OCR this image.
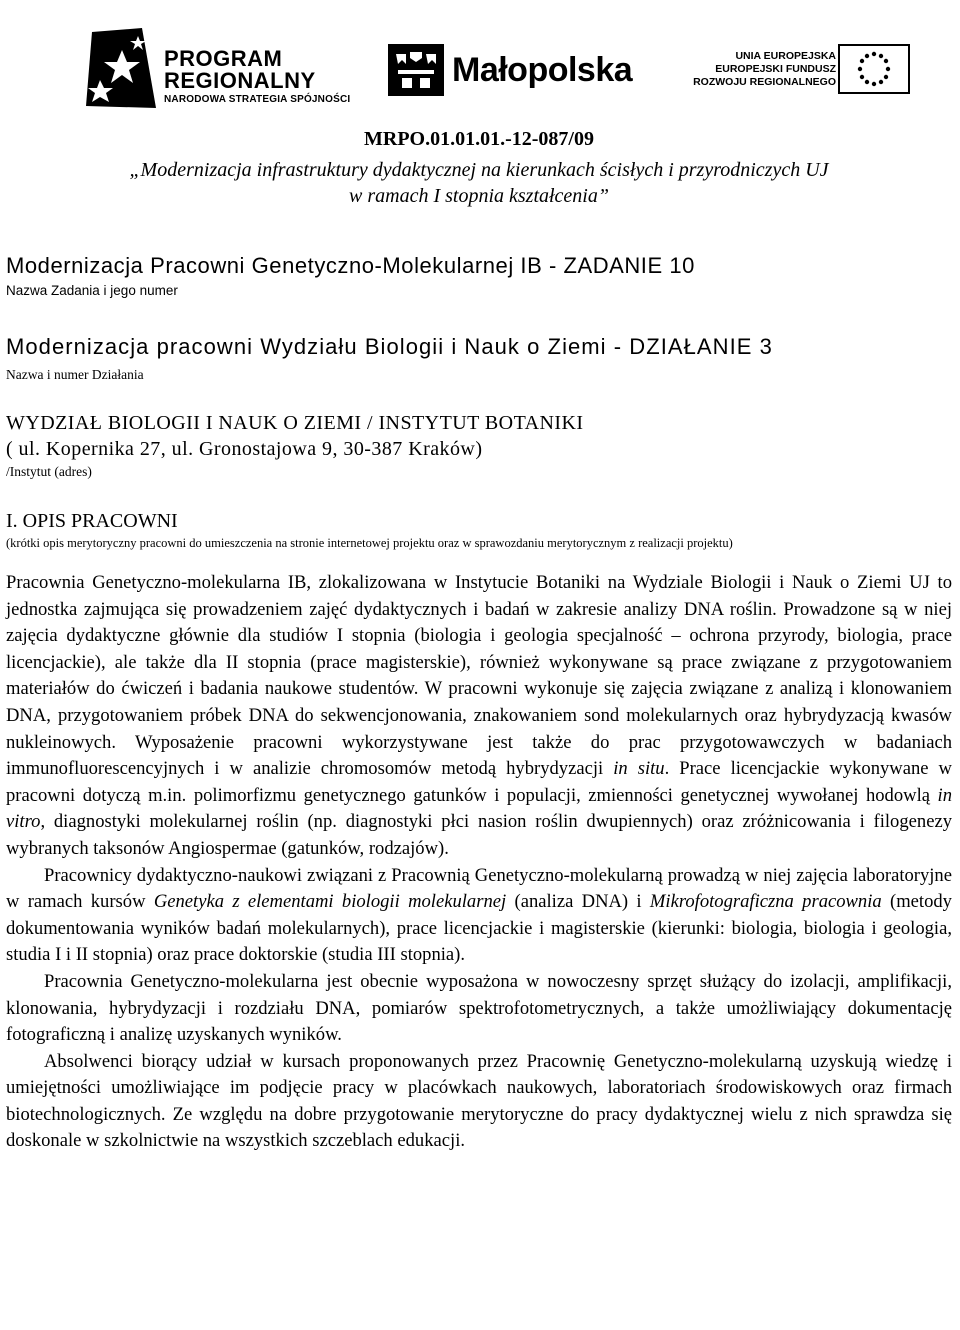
PROGRAM
REGIONALNY
NARODOWA STRATEGIA SPÓJNOŚCI
Małopolska	UNIA EUROPEJSKA
EUROPEJSKI FUNDUSZ
ROZWOJU REGIONALNEGO
MRPO.01.01.01.-12-087/09
„Modernizacja infrastruktury dydaktycznej na kierunkach ścisłych i przyrodniczych UJ
w ramach I stopnia kształcenia”
Modernizacja Pracowni Genetyczno-Molekularnej IB - ZADANIE 10
Nazwa Zadania i jego numer
Modernizacja pracowni Wydziału Biologii i Nauk o Ziemi - DZIAŁANIE 3
Nazwa i numer Działania
WYDZIAŁ BIOLOGII I NAUK O ZIEMI / INSTYTUT BOTANIKI
( ul. Kopernika 27, ul. Gronostajowa 9, 30-387 Kraków)
/Instytut (adres)
I. OPIS PRACOWNI
(krótki opis merytoryczny pracowni do umieszczenia na stronie internetowej projektu oraz w sprawozdaniu merytorycznym z realizacji projektu)

Pracownia Genetyczno-molekularna IB, zlokalizowana w Instytucie Botaniki na Wydziale Biologii i Nauk o Ziemi UJ to jednostka zajmująca się prowadzeniem zajęć dydaktycznych i badań w zakresie analizy DNA roślin. Prowadzone są w niej zajęcia dydaktyczne głównie dla studiów I stopnia (biologia i geologia specjalność – ochrona przyrody, biologia, prace licencjackie), ale także dla II stopnia (prace magisterskie), również wykonywane są prace związane z przygotowaniem materiałów do ćwiczeń i badania naukowe studentów. W pracowni wykonuje się zajęcia związane z analizą i klonowaniem DNA, przygotowaniem próbek DNA do sekwencjonowania, znakowaniem sond molekularnych oraz hybrydyzacją kwasów nukleinowych. Wyposażenie pracowni wykorzystywane jest także do prac przygotowawczych w badaniach immunofluorescencyjnych i w analizie chromosomów metodą hybrydyzacji in situ. Prace licencjackie wykonywane w pracowni dotyczą m.in. polimorfizmu genetycznego gatunków i populacji, zmienności genetycznej wywołanej hodowlą in vitro, diagnostyki molekularnej roślin (np. diagnostyki płci nasion roślin dwupiennych) oraz zróżnicowania i filogenezy wybranych taksonów Angiospermae (gatunków, rodzajów).

Pracownicy dydaktyczno-naukowi związani z Pracownią Genetyczno-molekularną prowadzą w niej zajęcia laboratoryjne w ramach kursów Genetyka z elementami biologii molekularnej (analiza DNA) i Mikrofotograficzna pracownia (metody dokumentowania wyników badań molekularnych), prace licencjackie i magisterskie (kierunki: biologia, biologia i geologia, studia I i II stopnia) oraz prace doktorskie (studia III stopnia).

Pracownia Genetyczno-molekularna jest obecnie wyposażona w nowoczesny sprzęt służący do izolacji, amplifikacji, klonowania, hybrydyzacji i rozdziału DNA, pomiarów spektrofotometrycznych, a także umożliwiający dokumentację fotograficzną i analizę uzyskanych wyników.

Absolwenci biorący udział w kursach proponowanych przez Pracownię Genetyczno-molekularną uzyskują wiedzę i umiejętności umożliwiające im podjęcie pracy w placówkach naukowych, laboratoriach środowiskowych oraz firmach biotechnologicznych. Ze względu na dobre przygotowanie merytoryczne do pracy dydaktycznej wielu z nich sprawdza się doskonale w szkolnictwie na wszystkich szczeblach edukacji.
